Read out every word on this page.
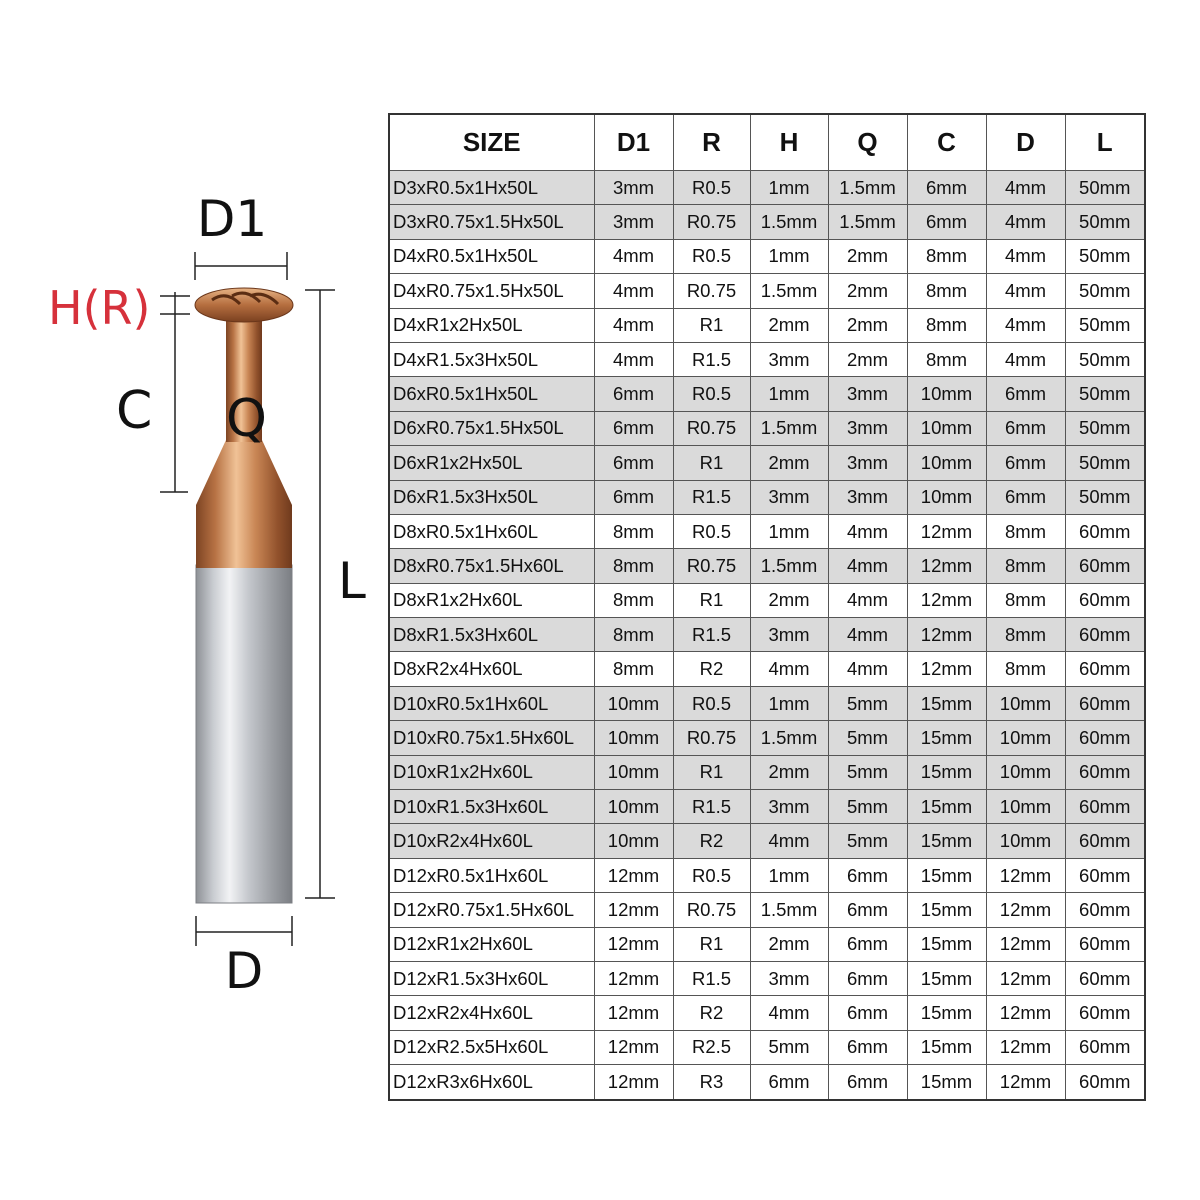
D1
H(R)
C Q
L
D
SIZE	D1	R	H	Q	C	D	L
D3xR0.5x1Hx50L	3mm	R0.5	1mm	1.5mm	6mm	4mm	50mm
D3xR0.75x1.5Hx50L	3mm	R0.75	1.5mm	1.5mm	6mm	4mm	50mm
D4xR0.5x1Hx50L	4mm	R0.5	1mm	2mm	8mm	4mm	50mm
D4xR0.75x1.5Hx50L	4mm	R0.75	1.5mm	2mm	8mm	4mm	50mm
D4xR1x2Hx50L	4mm	R1	2mm	2mm	8mm	4mm	50mm
D4xR1.5x3Hx50L	4mm	R1.5	3mm	2mm	8mm	4mm	50mm
D6xR0.5x1Hx50L	6mm	R0.5	1mm	3mm	10mm	6mm	50mm
D6xR0.75x1.5Hx50L	6mm	R0.75	1.5mm	3mm	10mm	6mm	50mm
D6xR1x2Hx50L	6mm	R1	2mm	3mm	10mm	6mm	50mm
D6xR1.5x3Hx50L	6mm	R1.5	3mm	3mm	10mm	6mm	50mm
D8xR0.5x1Hx60L	8mm	R0.5	1mm	4mm	12mm	8mm	60mm
D8xR0.75x1.5Hx60L	8mm	R0.75	1.5mm	4mm	12mm	8mm	60mm
D8xR1x2Hx60L	8mm	R1	2mm	4mm	12mm	8mm	60mm
D8xR1.5x3Hx60L	8mm	R1.5	3mm	4mm	12mm	8mm	60mm
D8xR2x4Hx60L	8mm	R2	4mm	4mm	12mm	8mm	60mm
D10xR0.5x1Hx60L	10mm	R0.5	1mm	5mm	15mm	10mm	60mm
D10xR0.75x1.5Hx60L	10mm	R0.75	1.5mm	5mm	15mm	10mm	60mm
D10xR1x2Hx60L	10mm	R1	2mm	5mm	15mm	10mm	60mm
D10xR1.5x3Hx60L	10mm	R1.5	3mm	5mm	15mm	10mm	60mm
D10xR2x4Hx60L	10mm	R2	4mm	5mm	15mm	10mm	60mm
D12xR0.5x1Hx60L	12mm	R0.5	1mm	6mm	15mm	12mm	60mm
D12xR0.75x1.5Hx60L	12mm	R0.75	1.5mm	6mm	15mm	12mm	60mm
D12xR1x2Hx60L	12mm	R1	2mm	6mm	15mm	12mm	60mm
D12xR1.5x3Hx60L	12mm	R1.5	3mm	6mm	15mm	12mm	60mm
D12xR2x4Hx60L	12mm	R2	4mm	6mm	15mm	12mm	60mm
D12xR2.5x5Hx60L	12mm	R2.5	5mm	6mm	15mm	12mm	60mm
D12xR3x6Hx60L	12mm	R3	6mm	6mm	15mm	12mm	60mm
